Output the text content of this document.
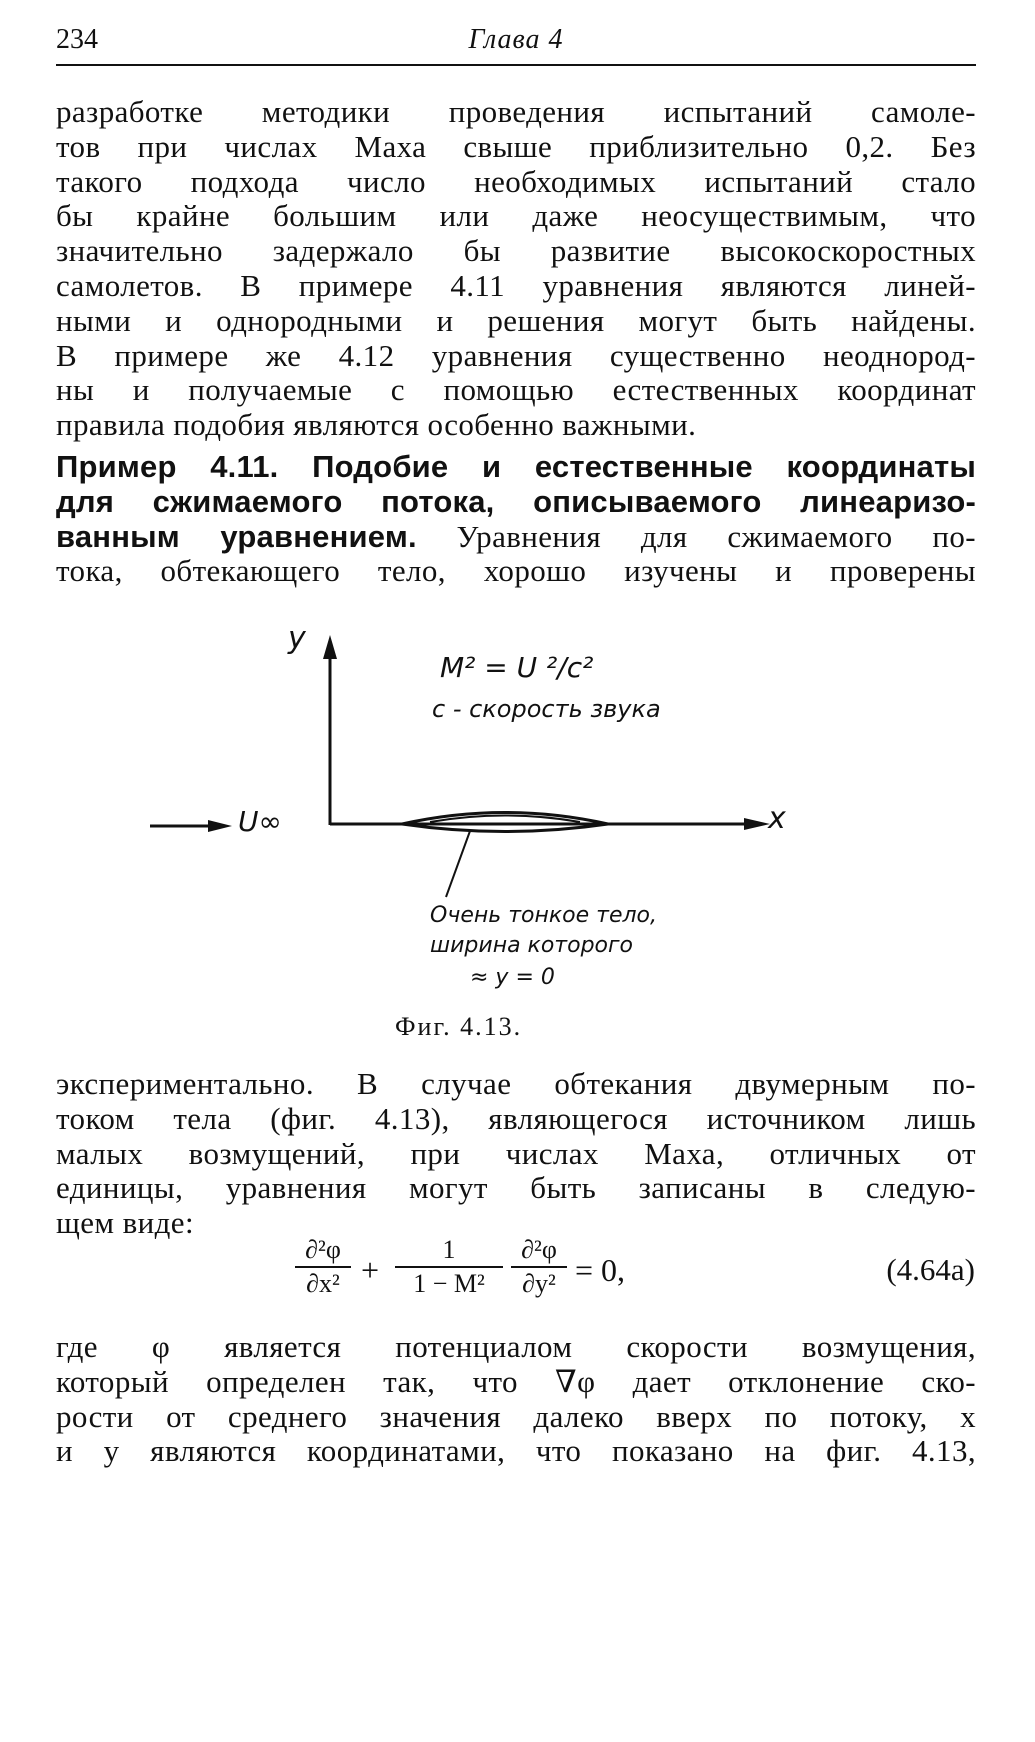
234	Глава 4
разработке методики проведения испытаний самоле-
тов при числах Маха свыше приблизительно 0,2. Без
такого подхода число необходимых испытаний стало
бы крайне большим или даже неосуществимым, что
значительно задержало бы развитие высокоскоростных
самолетов. В примере 4.11 уравнения являются линей-
ными и однородными и решения могут быть найдены.
В примере же 4.12 уравнения существенно неоднород-
ны и получаемые с помощью естественных координат
правила подобия являются особенно важными.
Пример 4.11. Подобие и естественные координаты
для сжимаемого потока, описываемого линеаризо-
ванным уравнением. Уравнения для сжимаемого по-
тока, обтекающего тело, хорошо изучены и проверены
y
x
U∞
M² = U ²/c²
c - скорость звука
Очень тонкое тело,
ширина которого
≈ y = 0
Фиг. 4.13.
экспериментально. В случае обтекания двумерным по-
током тела (фиг. 4.13), являющегося источником лишь
малых возмущений, при числах Маха, отличных от
единицы, уравнения могут быть записаны в следую-
щем виде:
∂²φ
∂x² +
1
1 − M²
∂²φ
∂y² = 0,	(4.64a)
где φ является потенциалом скорости возмущения,
который определен так, что ∇φ дает отклонение ско-
рости от среднего значения далеко вверх по потоку, x
и y являются координатами, что показано на фиг. 4.13,
